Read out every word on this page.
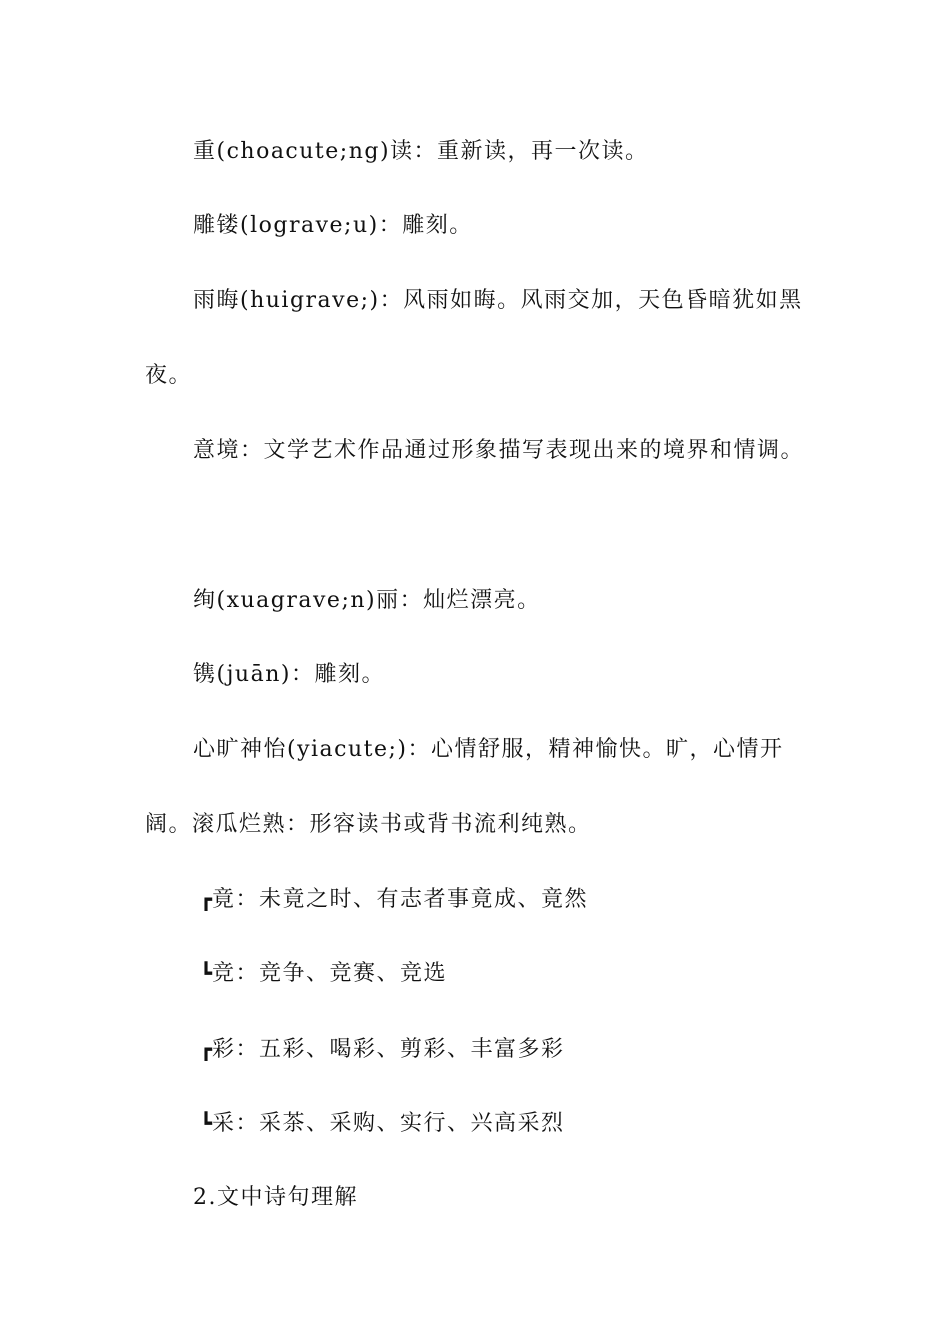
重(choacute;ng)读：重新读，再一次读。
雕镂(lograve;u)：雕刻。
雨晦(huigrave;)：风雨如晦。风雨交加，天色昏暗犹如黑
夜。
意境：文学艺术作品通过形象描写表现出来的境界和情调。
绚(xuagrave;n)丽：灿烂漂亮。
镌(juān)：雕刻。
心旷神怡(yiacute;)：心情舒服，精神愉快。旷，心情开
阔。滚瓜烂熟：形容读书或背书流利纯熟。
┏竟：未竟之时、有志者事竟成、竟然
┗竞：竞争、竞赛、竞选
┏彩：五彩、喝彩、剪彩、丰富多彩
┗采：采茶、采购、实行、兴高采烈
2.文中诗句理解
